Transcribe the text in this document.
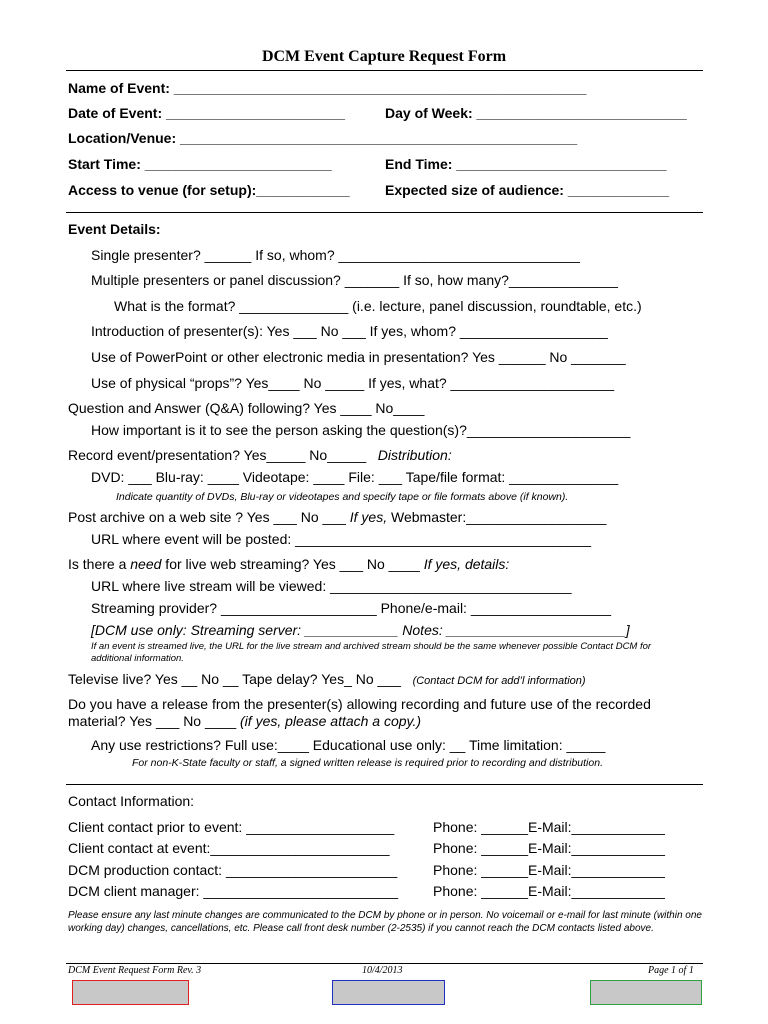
DCM Event Capture Request Form
Name of Event: _____________________________________________________
Date of Event: _______________________	Day of Week: ___________________________
Location/Venue: ___________________________________________________
Start Time: ________________________	End Time: ___________________________
Access to venue (for setup):____________	Expected size of audience: _____________
Event Details:
Single presenter? ______ If so, whom? _______________________________
Multiple presenters or panel discussion? _______ If so, how many?______________
What is the format? ______________ (i.e. lecture, panel discussion, roundtable, etc.)
Introduction of presenter(s): Yes ___ No ___ If yes, whom? ___________________
Use of PowerPoint or other electronic media in presentation? Yes ______ No _______
Use of physical “props”? Yes____ No _____ If yes, what? _____________________
Question and Answer (Q&A) following? Yes ____ No____
How important is it to see the person asking the question(s)?_____________________
Record event/presentation? Yes_____ No_____ Distribution:
DVD: ___ Blu-ray: ____ Videotape: ____ File: ___ Tape/file format: ______________
Indicate quantity of DVDs, Blu-ray or videotapes and specify tape or file formats above (if known).
Post archive on a web site ? Yes ___ No ___ If yes, Webmaster:__________________
URL where event will be posted: ______________________________________
Is there a need for live web streaming? Yes ___ No ____ If yes, details:
URL where live stream will be viewed: _______________________________
Streaming provider? ____________________ Phone/e-mail: __________________
[DCM use only: Streaming server: ____________ Notes: _______________________]
If an event is streamed live, the URL for the live stream and archived stream should be the same whenever possible Contact DCM for additional information.
Televise live? Yes __ No __ Tape delay? Yes_ No ___ (Contact DCM for add’l information)
Do you have a release from the presenter(s) allowing recording and future use of the recorded material? Yes ___ No ____ (if yes, please attach a copy.)
Any use restrictions? Full use:____ Educational use only: __ Time limitation: _____
For non-K-State faculty or staff, a signed written release is required prior to recording and distribution.
Contact Information:
Client contact prior to event: ___________________	Phone: ______E-Mail:____________
Client contact at event:_______________________	Phone: ______E-Mail:____________
DCM production contact: ______________________	Phone: ______E-Mail:____________
DCM client manager: _________________________ Phone: ______E-Mail:____________
Please ensure any last minute changes are communicated to the DCM by phone or in person. No voicemail or e-mail for last minute (within one working day) changes, cancellations, etc. Please call front desk number (2-2535) if you cannot reach the DCM contacts listed above.
DCM Event Request Form Rev. 3	10/4/2013	Page 1 of 1
